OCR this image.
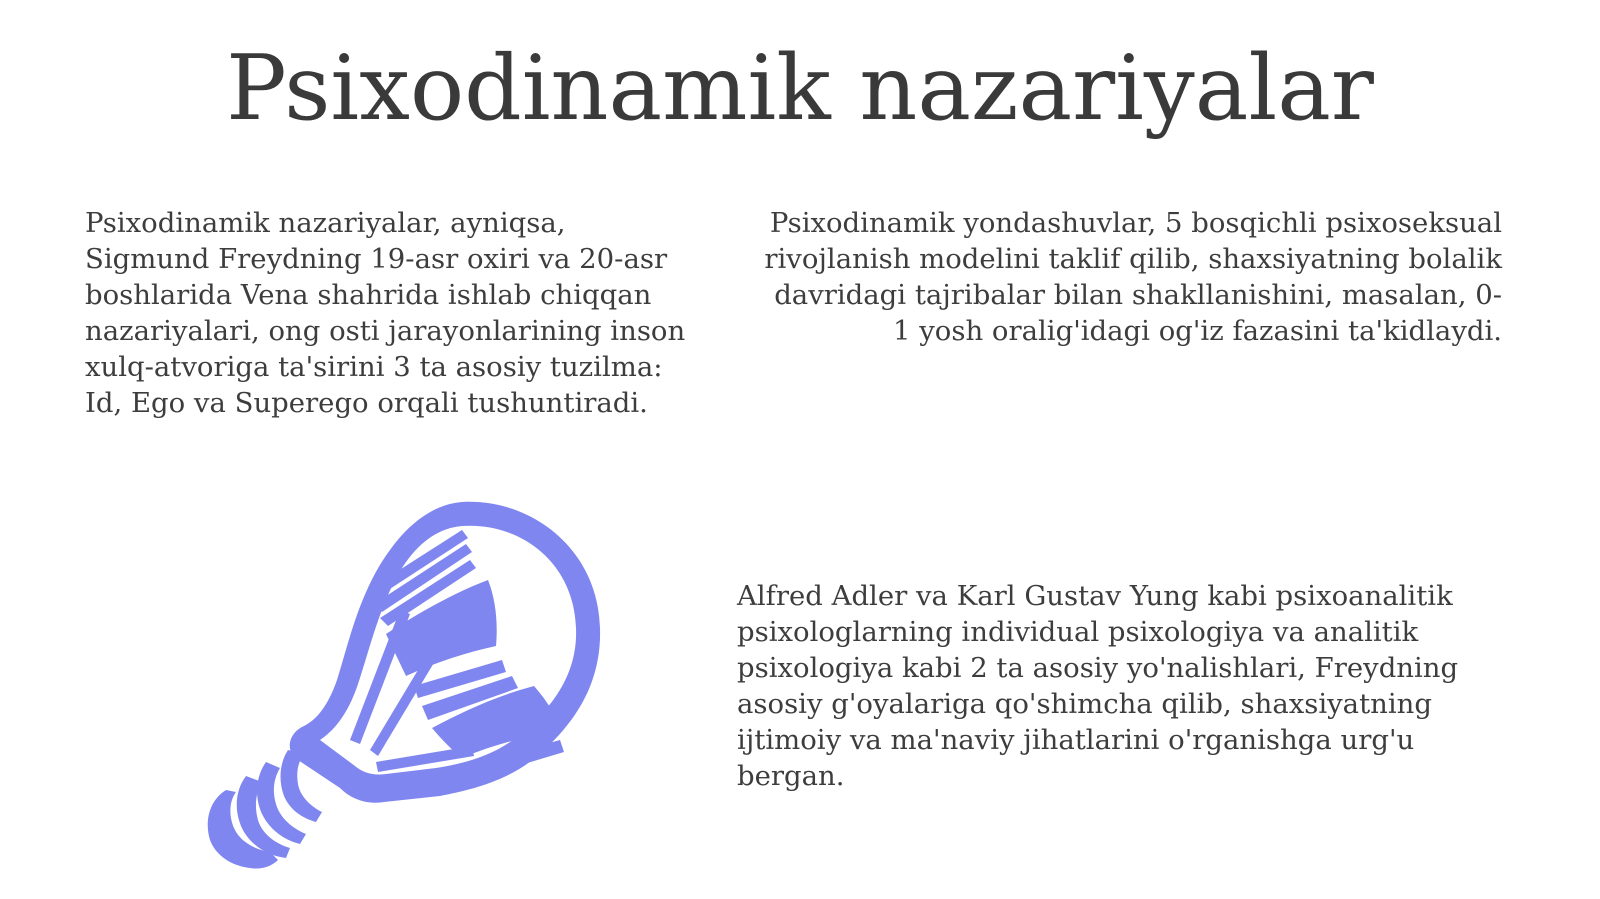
Psixodinamik nazariyalar

Psixodinamik nazariyalar, ayniqsa, Sigmund Freydning 19-asr oxiri va 20-asr boshlarida Vena shahrida ishlab chiqqan nazariyalari, ong osti jarayonlarining inson xulq-atvoriga ta'sirini 3 ta asosiy tuzilma: Id, Ego va Superego orqali tushuntiradi.

Psixodinamik yondashuvlar, 5 bosqichli psixoseksual rivojlanish modelini taklif qilib, shaxsiyatning bolalik davridagi tajribalar bilan shakllanishini, masalan, 0-1 yosh oralig'idagi og'iz fazasini ta'kidlaydi.

Alfred Adler va Karl Gustav Yung kabi psixoanalitik psixologlarning individual psixologiya va analitik psixologiya kabi 2 ta asosiy yo'nalishlari, Freydning asosiy g'oyalariga qo'shimcha qilib, shaxsiyatning ijtimoiy va ma'naviy jihatlarini o'rganishga urg'u bergan.
